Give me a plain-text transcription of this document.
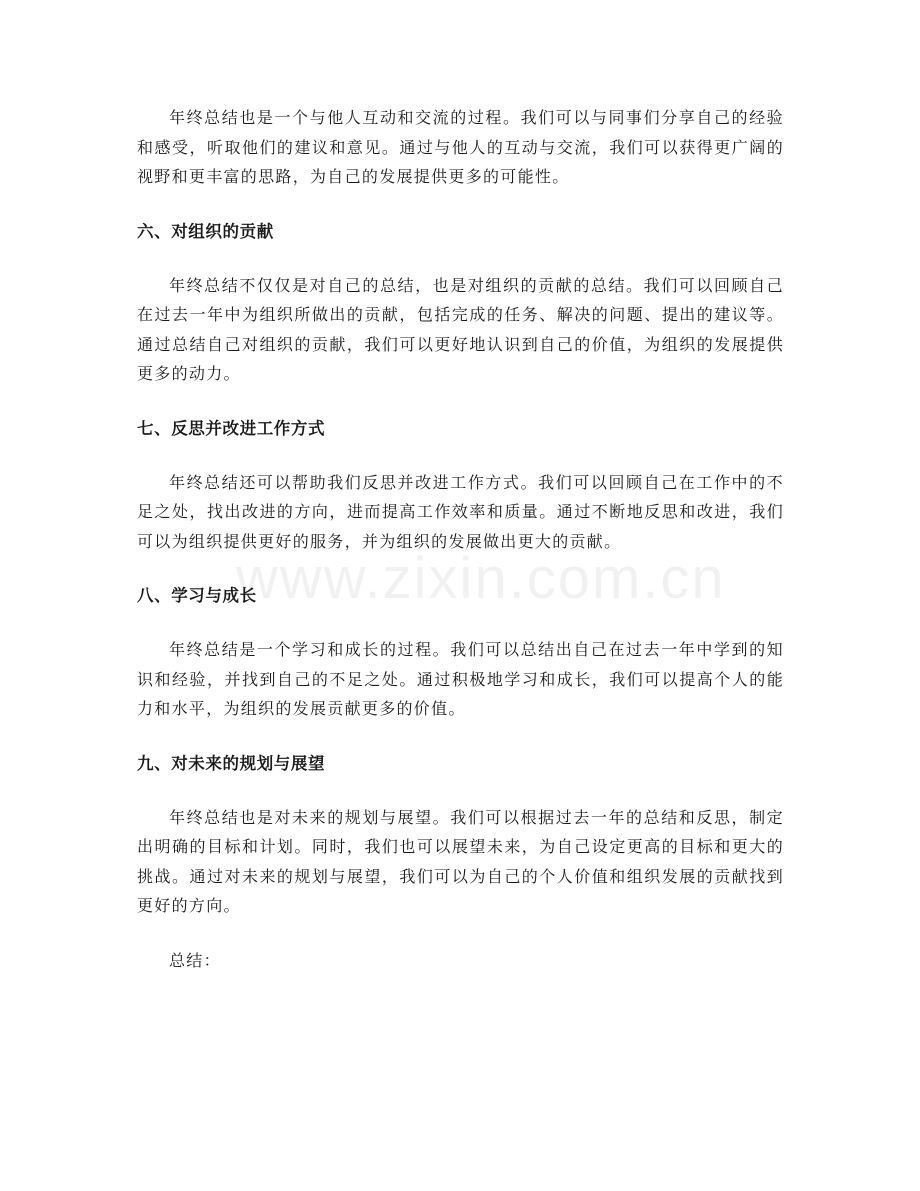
年终总结也是一个与他人互动和交流的过程。我们可以与同事们分享自己的经验和感受，听取他们的建议和意见。通过与他人的互动与交流，我们可以获得更广阔的视野和更丰富的思路，为自己的发展提供更多的可能性。

六、对组织的贡献

年终总结不仅仅是对自己的总结，也是对组织的贡献的总结。我们可以回顾自己在过去一年中为组织所做出的贡献，包括完成的任务、解决的问题、提出的建议等。通过总结自己对组织的贡献，我们可以更好地认识到自己的价值，为组织的发展提供更多的动力。

七、反思并改进工作方式

年终总结还可以帮助我们反思并改进工作方式。我们可以回顾自己在工作中的不足之处，找出改进的方向，进而提高工作效率和质量。通过不断地反思和改进，我们可以为组织提供更好的服务，并为组织的发展做出更大的贡献。

八、学习与成长

年终总结是一个学习和成长的过程。我们可以总结出自己在过去一年中学到的知识和经验，并找到自己的不足之处。通过积极地学习和成长，我们可以提高个人的能力和水平，为组织的发展贡献更多的价值。

九、对未来的规划与展望

年终总结也是对未来的规划与展望。我们可以根据过去一年的总结和反思，制定出明确的目标和计划。同时，我们也可以展望未来，为自己设定更高的目标和更大的挑战。通过对未来的规划与展望，我们可以为自己的个人价值和组织发展的贡献找到更好的方向。

总结：

www.zixin.com.cn
